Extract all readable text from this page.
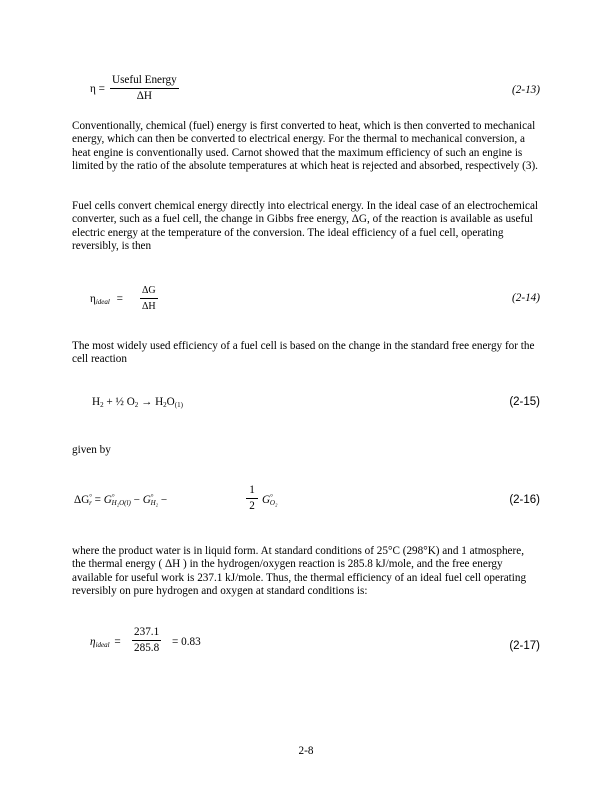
η =
Useful Energy
ΔH
(2-13)

Conventionally, chemical (fuel) energy is first converted to heat, which is then converted to mechanical energy, which can then be converted to electrical energy. For the thermal to mechanical conversion, a heat engine is conventionally used. Carnot showed that the maximum efficiency of such an engine is limited by the ratio of the absolute temperatures at which heat is rejected and absorbed, respectively (3).

Fuel cells convert chemical energy directly into electrical energy. In the ideal case of an electrochemical converter, such as a fuel cell, the change in Gibbs free energy, ΔG, of the reaction is available as useful electric energy at the temperature of the conversion. The ideal efficiency of a fuel cell, operating reversibly, is then

ηideal = $\frac{\Delta G}{\Delta H}$	(2-14)

The most widely used efficiency of a fuel cell is based on the change in the standard free energy for the cell reaction

$H_2$ + ½ $O_2 \to H_2O_{(1)}$	(2-15)

given by

$\Delta G^\circ_r = G^\circ_{H_2O(l)} - G^\circ_{H_2}$ −	$\frac{1}{2} G^\circ_{O_2}$	(2-16)

where the product water is in liquid form. At standard conditions of 25°C (298°K) and 1 atmosphere, the thermal energy ( ΔH ) in the hydrogen/oxygen reaction is 285.8 kJ/mole, and the free energy available for useful work is 237.1 kJ/mole. Thus, the thermal efficiency of an ideal fuel cell operating reversibly on pure hydrogen and oxygen at standard conditions is:

ηideal = $\frac{237.1}{285.8} = 0.83$	(2-17)
2-8
